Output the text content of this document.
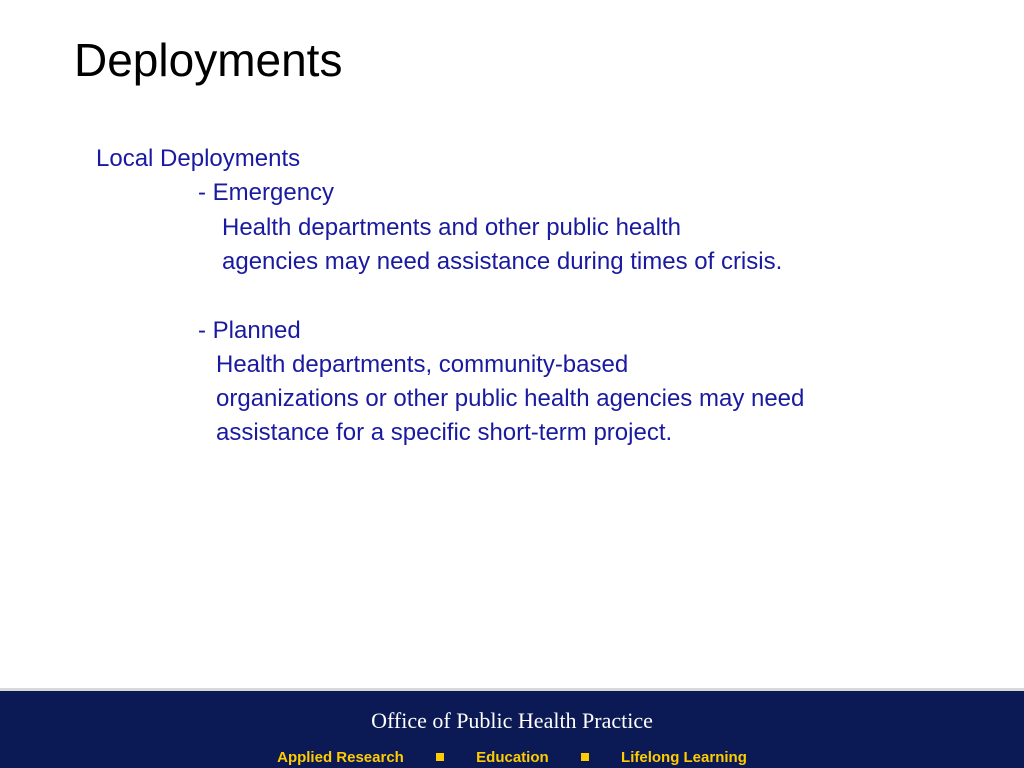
Deployments
Local Deployments
- Emergency
Health departments and other public health
agencies may need assistance during times of crisis.
- Planned
Health departments, community-based
organizations or other public health agencies may need
assistance for a specific short-term project.
Office of Public Health Practice
Applied Research	Education	Lifelong Learning
